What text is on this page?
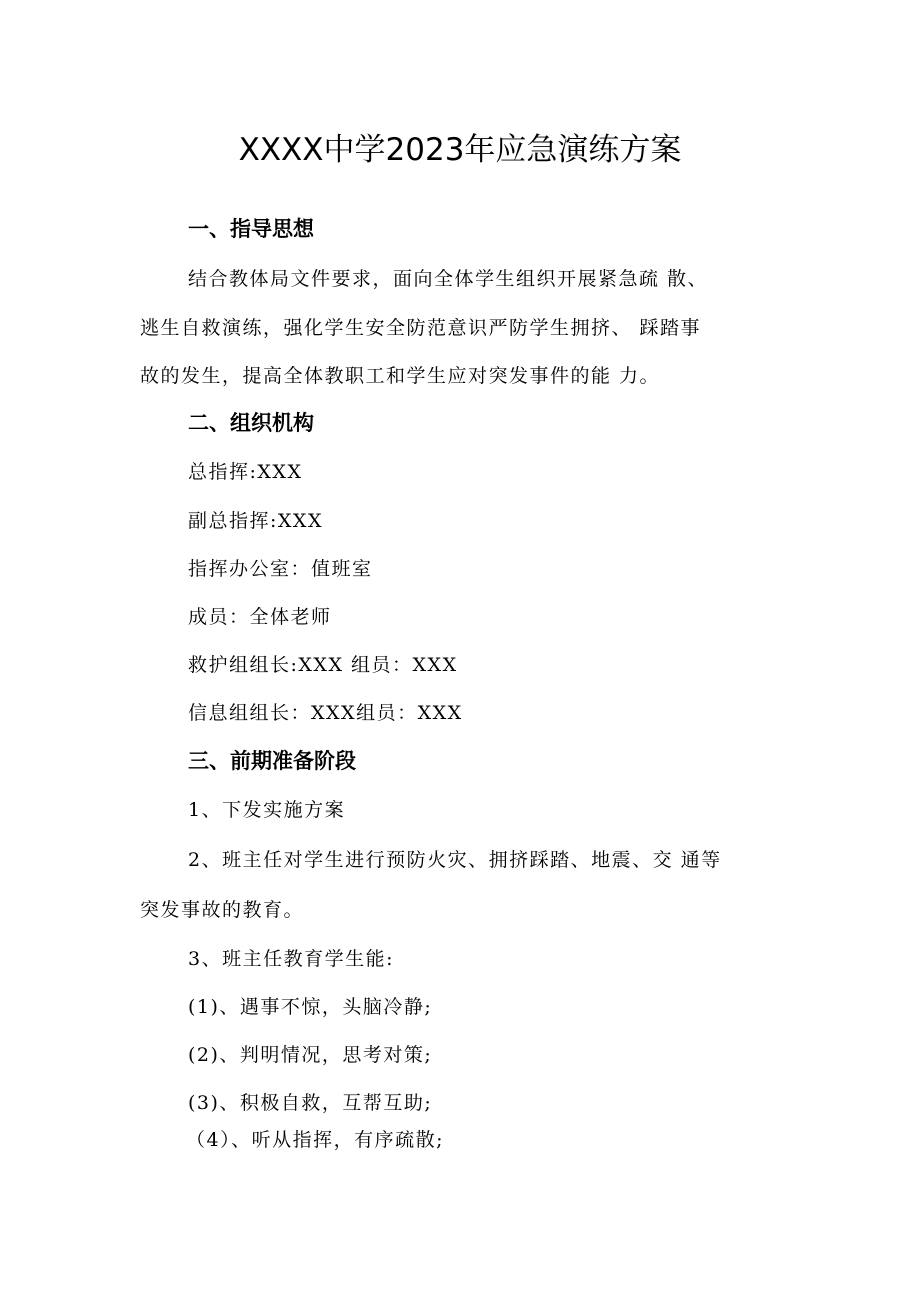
XXXX中学2023年应急演练方案
一、指导思想
结合教体局文件要求，面向全体学生组织开展紧急疏 散、
逃生自救演练，强化学生安全防范意识严防学生拥挤、 踩踏事
故的发生，提高全体教职工和学生应对突发事件的能 力。
二、组织机构
总指挥:XXX
副总指挥:XXX
指挥办公室：值班室
成员：全体老师
救护组组长:XXX 组员：XXX
信息组组长：XXX组员：XXX
三、前期准备阶段
1、下发实施方案
2、班主任对学生进行预防火灾、拥挤踩踏、地震、交 通等
突发事故的教育。
3、班主任教育学生能:
(1)、遇事不惊，头脑冷静;
(2)、判明情况，思考对策;
(3)、积极自救，互帮互助;
（4）、听从指挥，有序疏散;
